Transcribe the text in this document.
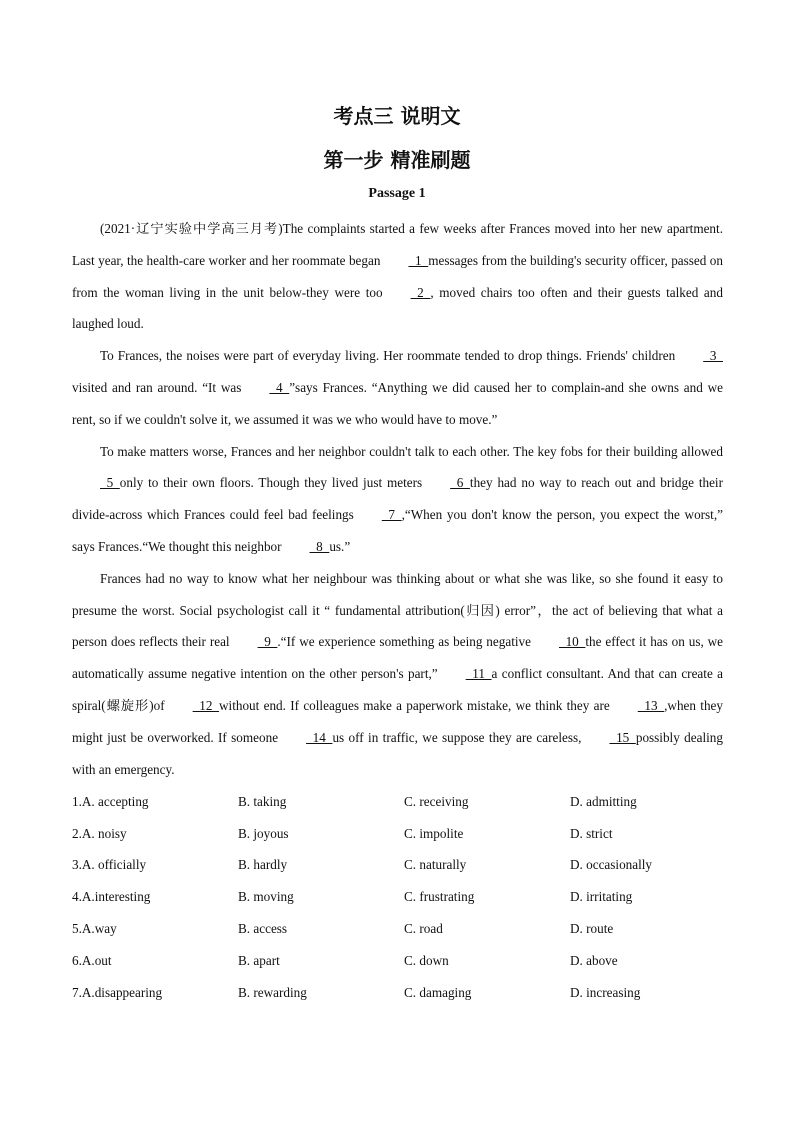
考点三 说明文
第一步 精准刷题
Passage 1

(2021·辽宁实验中学高三月考)The complaints started a few weeks after Frances moved into her new apartment. Last year, the health-care worker and her roommate began  1  messages from the building's security officer, passed on from the woman living in the unit below-they were too  2  , moved chairs too often and their guests talked and laughed loud.

To Frances, the noises were part of everyday living. Her roommate tended to drop things. Friends' children  3  visited and ran around. “It was  4  ”says Frances. “Anything we did caused her to complain-and she owns and we rent, so if we couldn't solve it, we assumed it was we who would have to move.”

To make matters worse, Frances and her neighbor couldn't talk to each other. The key fobs for their building allowed  5  only to their own floors. Though they lived just meters  6  they had no way to reach out and bridge their divide-across which Frances could feel bad feelings  7  ,“When you don't know the person, you expect the worst,” says Frances.“We thought this neighbor  8  us.”

Frances had no way to know what her neighbour was thinking about or what she was like, so she found it easy to presume the worst. Social psychologist call it “ fundamental attribution(归因) error”，the act of believing that what a person does reflects their real  9  .“If we experience something as being negative  10  the effect it has on us, we automatically assume negative intention on the other person's part,”  11  a conflict consultant. And that can create a spiral(螺旋形)of  12  without end. If colleagues make a paperwork mistake, we think they are  13  ,when they might just be overworked. If someone  14  us off in traffic, we suppose they are careless,  15  possibly dealing with an emergency.

1.A. accepting	B. taking	C. receiving	D. admitting
2.A. noisy	B. joyous	C. impolite	D. strict
3.A. officially	B. hardly	C. naturally	D. occasionally
4.A.interesting	B. moving	C. frustrating	D. irritating
5.A.way	B. access	C. road	D. route
6.A.out	B. apart	C. down	D. above
7.A.disappearing	B. rewarding	C. damaging	D. increasing
